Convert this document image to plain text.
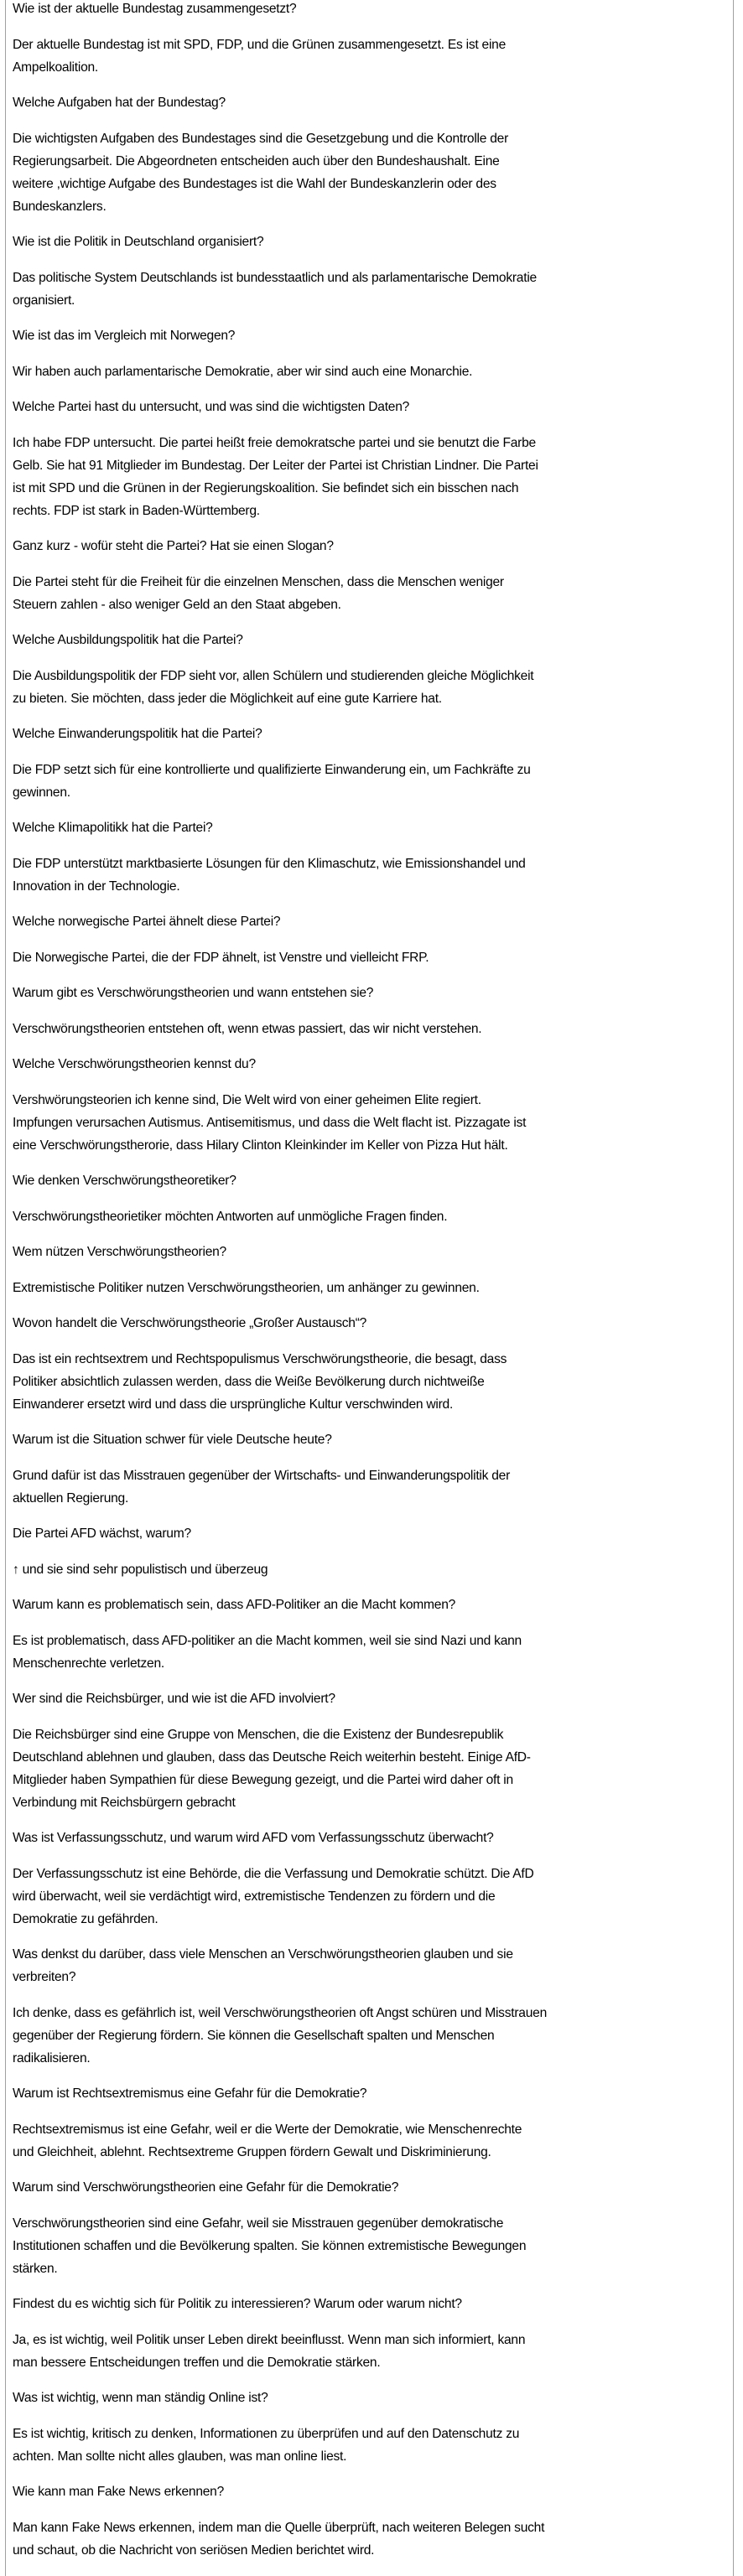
Wie ist der aktuelle Bundestag zusammengesetzt?

Der aktuelle Bundestag ist mit SPD, FDP, und die Grünen zusammengesetzt. Es ist eine
Ampelkoalition.

Welche Aufgaben hat der Bundestag?

Die wichtigsten Aufgaben des Bundestages sind die Gesetzgebung und die Kontrolle der
Regierungsarbeit. Die Abgeordneten entscheiden auch über den Bundeshaushalt. Eine
weitere ,wichtige Aufgabe des Bundestages ist die Wahl der Bundeskanzlerin oder des
Bundeskanzlers.

Wie ist die Politik in Deutschland organisiert?

Das politische System Deutschlands ist bundesstaatlich und als parlamentarische Demokratie
organisiert.

Wie ist das im Vergleich mit Norwegen?

Wir haben auch parlamentarische Demokratie, aber wir sind auch eine Monarchie.

Welche Partei hast du untersucht, und was sind die wichtigsten Daten?

Ich habe FDP untersucht. Die partei heißt freie demokratsche partei und sie benutzt die Farbe
Gelb. Sie hat 91 Mitglieder im Bundestag. Der Leiter der Partei ist Christian Lindner. Die Partei
ist mit SPD und die Grünen in der Regierungskoalition. Sie befindet sich ein bisschen nach
rechts. FDP ist stark in Baden-Württemberg.

Ganz kurz - wofür steht die Partei? Hat sie einen Slogan?

Die Partei steht für die Freiheit für die einzelnen Menschen, dass die Menschen weniger
Steuern zahlen - also weniger Geld an den Staat abgeben.

Welche Ausbildungspolitik hat die Partei?

Die Ausbildungspolitik der FDP sieht vor, allen Schülern und studierenden gleiche Möglichkeit
zu bieten. Sie möchten, dass jeder die Möglichkeit auf eine gute Karriere hat.

Welche Einwanderungspolitik hat die Partei?

Die FDP setzt sich für eine kontrollierte und qualifizierte Einwanderung ein, um Fachkräfte zu
gewinnen.

Welche Klimapolitikk hat die Partei?

Die FDP unterstützt marktbasierte Lösungen für den Klimaschutz, wie Emissionshandel und
Innovation in der Technologie.

Welche norwegische Partei ähnelt diese Partei?

Die Norwegische Partei, die der FDP ähnelt, ist Venstre und vielleicht FRP.

Warum gibt es Verschwörungstheorien und wann entstehen sie?

Verschwörungstheorien entstehen oft, wenn etwas passiert, das wir nicht verstehen.

Welche Verschwörungstheorien kennst du?

Vershwörungsteorien ich kenne sind, Die Welt wird von einer geheimen Elite regiert.
Impfungen verursachen Autismus. Antisemitismus, und dass die Welt flacht ist. Pizzagate ist
eine Verschwörungstherorie, dass Hilary Clinton Kleinkinder im Keller von Pizza Hut hält.

Wie denken Verschwörungstheoretiker?

Verschwörungstheorietiker möchten Antworten auf unmögliche Fragen finden.

Wem nützen Verschwörungstheorien?

Extremistische Politiker nutzen Verschwörungstheorien, um anhänger zu gewinnen.

Wovon handelt die Verschwörungstheorie „Großer Austausch“?

Das ist ein rechtsextrem und Rechtspopulismus Verschwörungstheorie, die besagt, dass
Politiker absichtlich zulassen werden, dass die Weiße Bevölkerung durch nichtweiße
Einwanderer ersetzt wird und dass die ursprüngliche Kultur verschwinden wird.

Warum ist die Situation schwer für viele Deutsche heute?

Grund dafür ist das Misstrauen gegenüber der Wirtschafts- und Einwanderungspolitik der
aktuellen Regierung.

Die Partei AFD wächst, warum?

↑ und sie sind sehr populistisch und überzeug

Warum kann es problematisch sein, dass AFD-Politiker an die Macht kommen?

Es ist problematisch, dass AFD-politiker an die Macht kommen, weil sie sind Nazi und kann
Menschenrechte verletzen.

Wer sind die Reichsbürger, und wie ist die AFD involviert?

Die Reichsbürger sind eine Gruppe von Menschen, die die Existenz der Bundesrepublik
Deutschland ablehnen und glauben, dass das Deutsche Reich weiterhin besteht. Einige AfD-
Mitglieder haben Sympathien für diese Bewegung gezeigt, und die Partei wird daher oft in
Verbindung mit Reichsbürgern gebracht

Was ist Verfassungsschutz, und warum wird AFD vom Verfassungsschutz überwacht?

Der Verfassungsschutz ist eine Behörde, die die Verfassung und Demokratie schützt. Die AfD
wird überwacht, weil sie verdächtigt wird, extremistische Tendenzen zu fördern und die
Demokratie zu gefährden.

Was denkst du darüber, dass viele Menschen an Verschwörungstheorien glauben und sie
verbreiten?

Ich denke, dass es gefährlich ist, weil Verschwörungstheorien oft Angst schüren und Misstrauen
gegenüber der Regierung fördern. Sie können die Gesellschaft spalten und Menschen
radikalisieren.

Warum ist Rechtsextremismus eine Gefahr für die Demokratie?

Rechtsextremismus ist eine Gefahr, weil er die Werte der Demokratie, wie Menschenrechte
und Gleichheit, ablehnt. Rechtsextreme Gruppen fördern Gewalt und Diskriminierung.

Warum sind Verschwörungstheorien eine Gefahr für die Demokratie?

Verschwörungstheorien sind eine Gefahr, weil sie Misstrauen gegenüber demokratische
Institutionen schaffen und die Bevölkerung spalten. Sie können extremistische Bewegungen
stärken.

Findest du es wichtig sich für Politik zu interessieren? Warum oder warum nicht?

Ja, es ist wichtig, weil Politik unser Leben direkt beeinflusst. Wenn man sich informiert, kann
man bessere Entscheidungen treffen und die Demokratie stärken.

Was ist wichtig, wenn man ständig Online ist?

Es ist wichtig, kritisch zu denken, Informationen zu überprüfen und auf den Datenschutz zu
achten. Man sollte nicht alles glauben, was man online liest.

Wie kann man Fake News erkennen?

Man kann Fake News erkennen, indem man die Quelle überprüft, nach weiteren Belegen sucht
und schaut, ob die Nachricht von seriösen Medien berichtet wird.
